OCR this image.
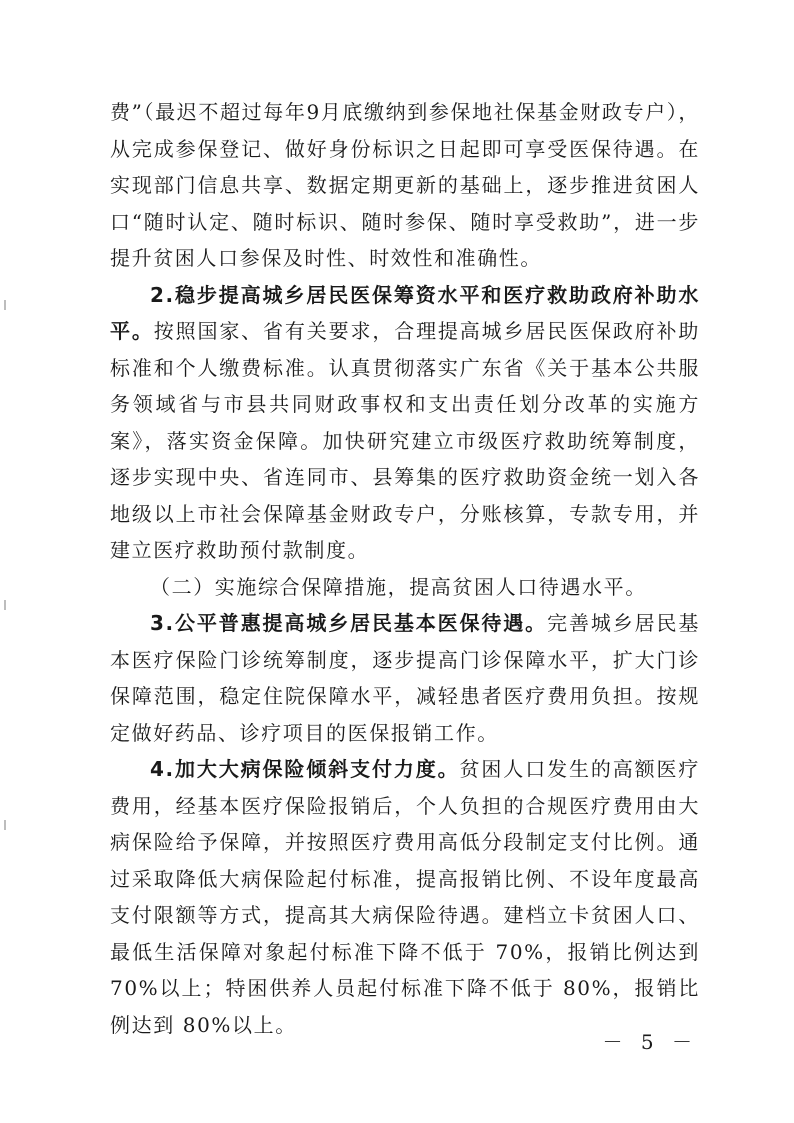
费”（最迟不超过每年9月底缴纳到参保地社保基金财政专户），从完成参保登记、做好身份标识之日起即可享受医保待遇。在实现部门信息共享、数据定期更新的基础上，逐步推进贫困人口“随时认定、随时标识、随时参保、随时享受救助”，进一步提升贫困人口参保及时性、时效性和准确性。

2.稳步提高城乡居民医保筹资水平和医疗救助政府补助水平。按照国家、省有关要求，合理提高城乡居民医保政府补助标准和个人缴费标准。认真贯彻落实广东省《关于基本公共服务领域省与市县共同财政事权和支出责任划分改革的实施方案》，落实资金保障。加快研究建立市级医疗救助统筹制度，逐步实现中央、省连同市、县筹集的医疗救助资金统一划入各地级以上市社会保障基金财政专户，分账核算，专款专用，并建立医疗救助预付款制度。

（二）实施综合保障措施，提高贫困人口待遇水平。

3.公平普惠提高城乡居民基本医保待遇。完善城乡居民基本医疗保险门诊统筹制度，逐步提高门诊保障水平，扩大门诊保障范围，稳定住院保障水平，减轻患者医疗费用负担。按规定做好药品、诊疗项目的医保报销工作。

4.加大大病保险倾斜支付力度。贫困人口发生的高额医疗费用，经基本医疗保险报销后，个人负担的合规医疗费用由大病保险给予保障，并按照医疗费用高低分段制定支付比例。通过采取降低大病保险起付标准，提高报销比例、不设年度最高支付限额等方式，提高其大病保险待遇。建档立卡贫困人口、最低生活保障对象起付标准下降不低于 70%，报销比例达到 70%以上；特困供养人员起付标准下降不低于 80%，报销比例达到 80%以上。

－ 5 －
